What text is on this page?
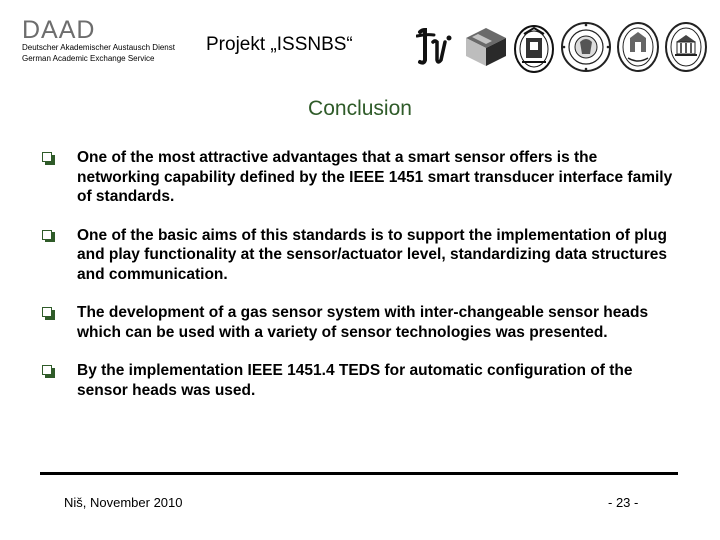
DAAD
Deutscher Akademischer Austausch Dienst
German Academic Exchange Service
Projekt „ISSNBS“
Conclusion
One of the most attractive advantages that a smart sensor offers is the networking capability defined by the IEEE 1451 smart transducer interface family of standards.
One of the basic aims of this standards is to support the implementation of plug and play functionality at the sensor/actuator level, standardizing data structures and communication.
The development of a gas sensor system with inter-changeable sensor heads which can be used with a variety of sensor technologies was presented.
By the implementation IEEE 1451.4 TEDS for automatic configuration of the sensor heads was used.
Niš, November 2010	- 23 -
